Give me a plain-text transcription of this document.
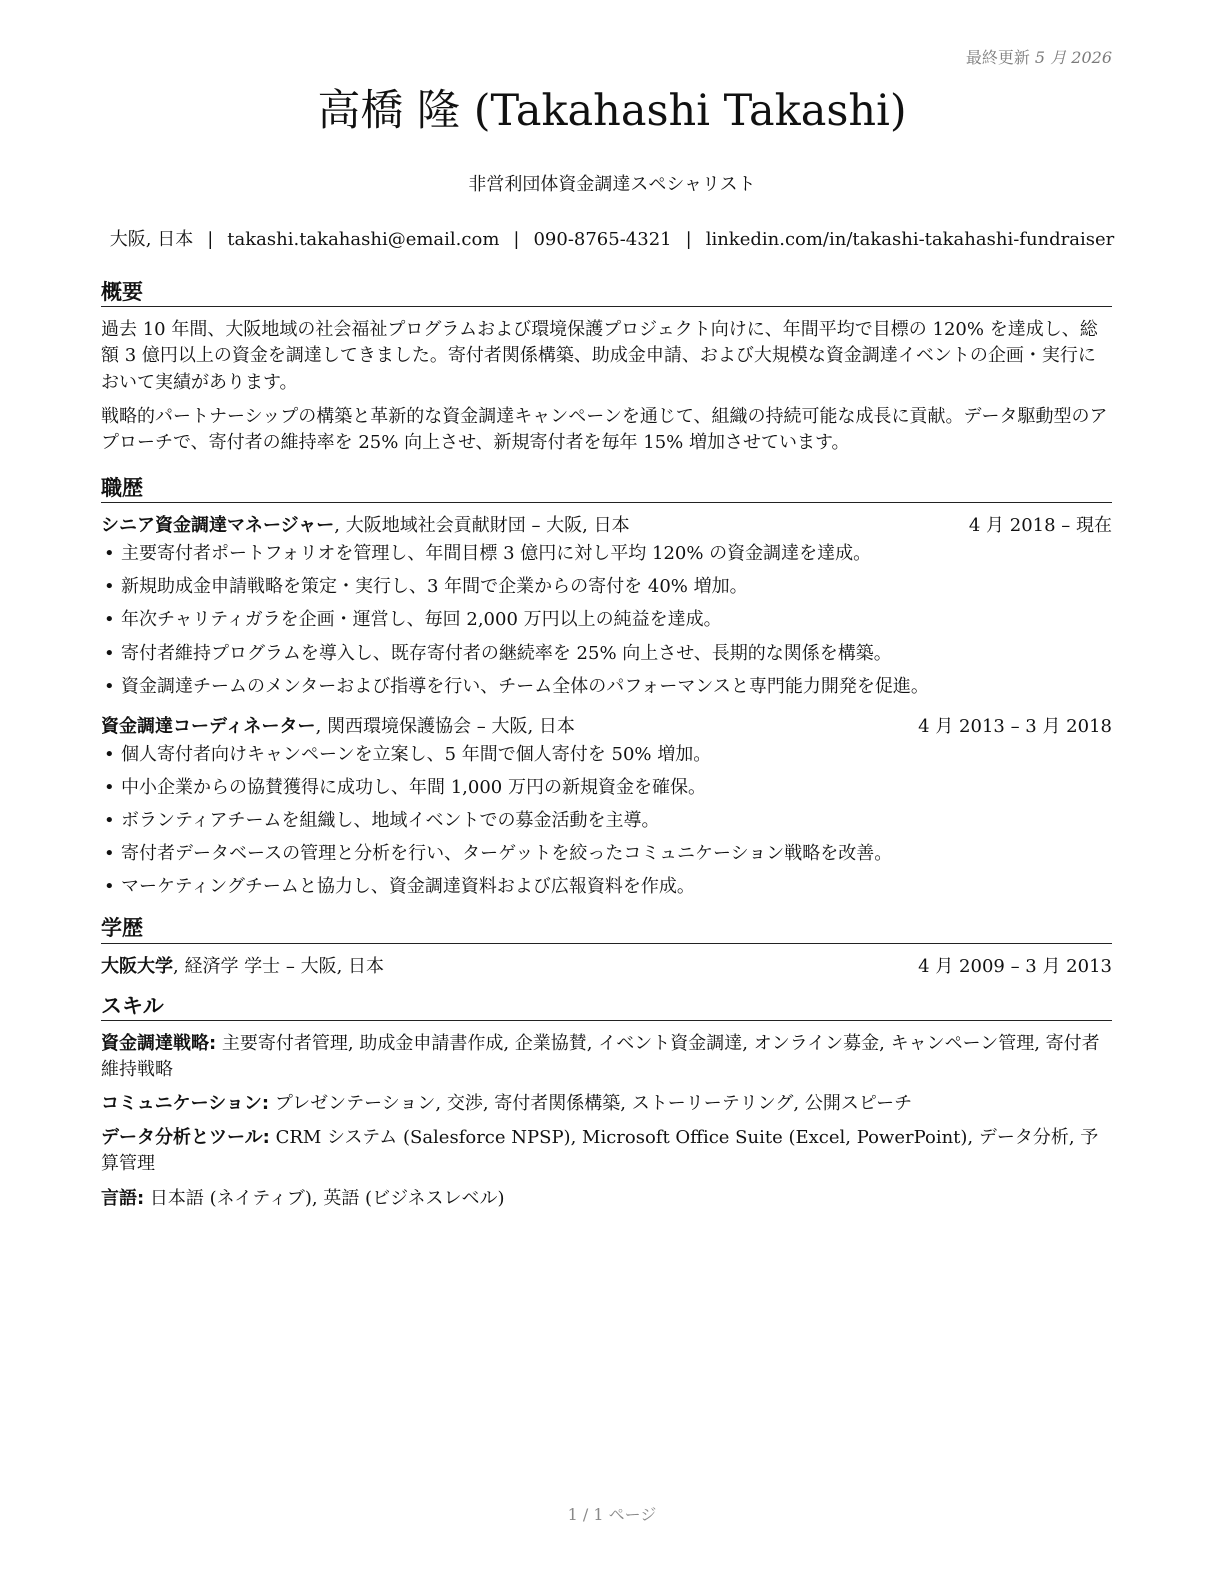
最終更新 5 月 2026
高橋 隆 (Takahashi Takashi)
非営利団体資金調達スペシャリスト
大阪, 日本 | takashi.takahashi@email.com | 090-8765-4321 | linkedin.com/in/takashi-takahashi-fundraiser
概要

過去 10 年間、大阪地域の社会福祉プログラムおよび環境保護プロジェクト向けに、年間平均で目標の 120% を達成し、総額 3 億円以上の資金を調達してきました。寄付者関係構築、助成金申請、および大規模な資金調達イベントの企画・実行において実績があります。

戦略的パートナーシップの構築と革新的な資金調達キャンペーンを通じて、組織の持続可能な成長に貢献。データ駆動型のアプローチで、寄付者の維持率を 25% 向上させ、新規寄付者を毎年 15% 増加させています。

職歴
シニア資金調達マネージャー, 大阪地域社会貢献財団 – 大阪, 日本	4 月 2018 – 現在
• 主要寄付者ポートフォリオを管理し、年間目標 3 億円に対し平均 120% の資金調達を達成。
• 新規助成金申請戦略を策定・実行し、3 年間で企業からの寄付を 40% 増加。
• 年次チャリティガラを企画・運営し、毎回 2,000 万円以上の純益を達成。
• 寄付者維持プログラムを導入し、既存寄付者の継続率を 25% 向上させ、長期的な関係を構築。
• 資金調達チームのメンターおよび指導を行い、チーム全体のパフォーマンスと専門能力開発を促進。
資金調達コーディネーター, 関西環境保護協会 – 大阪, 日本	4 月 2013 – 3 月 2018
• 個人寄付者向けキャンペーンを立案し、5 年間で個人寄付を 50% 増加。
• 中小企業からの協賛獲得に成功し、年間 1,000 万円の新規資金を確保。
• ボランティアチームを組織し、地域イベントでの募金活動を主導。
• 寄付者データベースの管理と分析を行い、ターゲットを絞ったコミュニケーション戦略を改善。
• マーケティングチームと協力し、資金調達資料および広報資料を作成。
学歴
大阪大学, 経済学 学士 – 大阪, 日本	4 月 2009 – 3 月 2013
スキル

資金調達戦略: 主要寄付者管理, 助成金申請書作成, 企業協賛, イベント資金調達, オンライン募金, キャンペーン管理, 寄付者維持戦略

コミュニケーション: プレゼンテーション, 交渉, 寄付者関係構築, ストーリーテリング, 公開スピーチ

データ分析とツール: CRM システム (Salesforce NPSP), Microsoft Office Suite (Excel, PowerPoint), データ分析, 予算管理

言語: 日本語 (ネイティブ), 英語 (ビジネスレベル)

1 / 1 ページ
